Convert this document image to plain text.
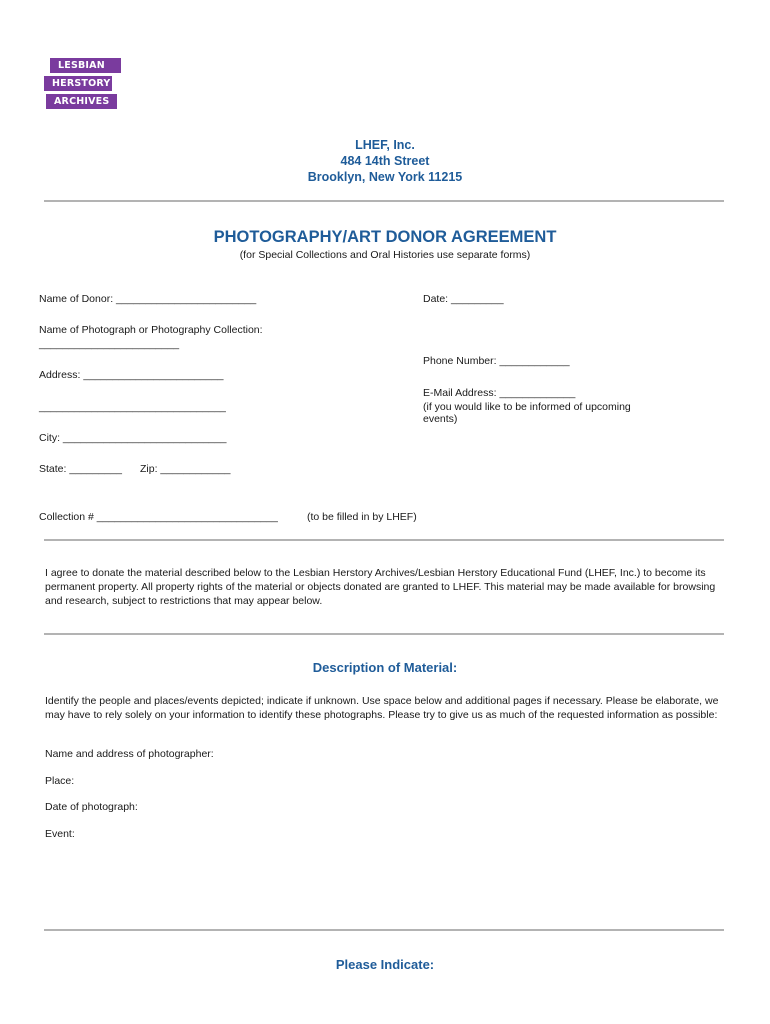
LESBIAN
HERSTORY
ARCHIVES
LHEF, Inc.
484 14th Street
Brooklyn, New York 11215
PHOTOGRAPHY/ART DONOR AGREEMENT
(for Special Collections and Oral Histories use separate forms)
Name of Donor: ________________________	Date: _________
Name of Photograph or Photography Collection:
________________________
Phone Number: ____________
Address: ________________________
E-Mail Address: _____________
(if you would like to be informed of upcoming
events)
________________________________
City: ____________________________
State: _________ Zip: ____________
Collection # _______________________________	(to be filled in by LHEF)
I agree to donate the material described below to the Lesbian Herstory Archives/Lesbian Herstory Educational Fund (LHEF, Inc.) to become its permanent property. All property rights of the material or objects donated are granted to LHEF. This material may be made available for browsing and research, subject to restrictions that may appear below.
Description of Material:
Identify the people and places/events depicted; indicate if unknown. Use space below and additional pages if necessary. Please be elaborate, we may have to rely solely on your information to identify these photographs. Please try to give us as much of the requested information as possible:
Name and address of photographer:
Place:
Date of photograph:
Event:
Please Indicate:
